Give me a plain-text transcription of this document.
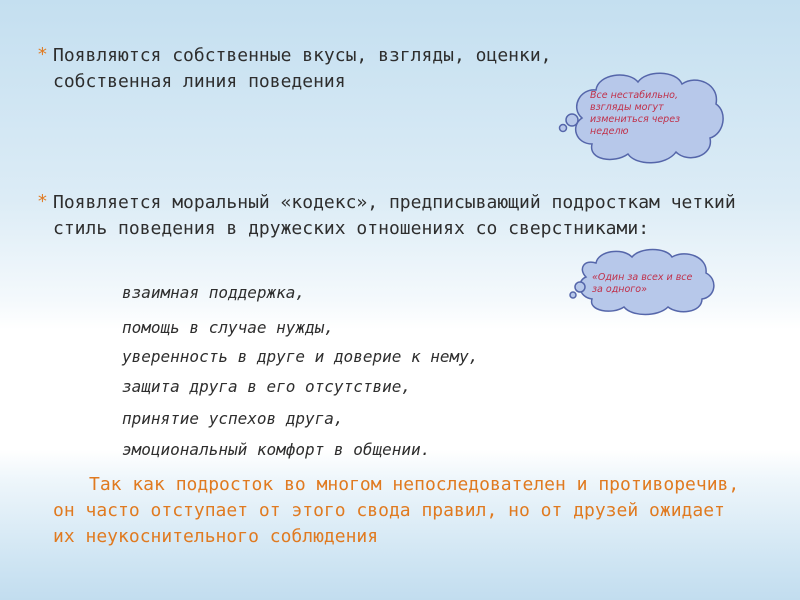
* Появляются собственные вкусы, взгляды, оценки, собственная линия поведения
* Появляется моральный «кодекс», предписывающий подросткам четкий стиль поведения в дружеских отношениях со сверстниками:
взаимная поддержка,
помощь в случае нужды,
уверенность в друге и доверие к нему,
защита друга в его отсутствие,
принятие успехов друга,
эмоциональный комфорт в общении.
Так как подросток во многом непоследователен и противоречив, он часто отступает от этого свода правил, но от друзей ожидает их неукоснительного соблюдения
Все нестабильно, взгляды могут измениться через неделю
«Один за всех и все за одного»
